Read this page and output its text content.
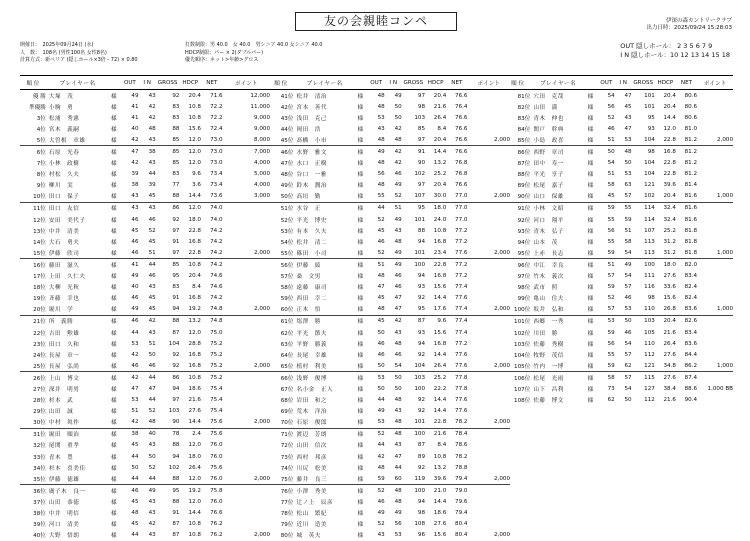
友の会親睦コンペ	伊深の森カントリークラブ
出力日時：2025/09/24 15:28:03
開催日：　2025年09月24日 (水)
人　数：　108名 (男性100名 女性8名)
計算方式：新ペリア (隠しホール×3倍 - 72) × 0.80
打数制限：男 40.0　女 40.0　男シニア 40.0 女シニア 40.0
HDCP制限：パー × 2(ダブルパー)
優先順序：ネット>年齢>グロス
OUT 隠しホール： 2 3 5 6 7 9
I N 隠しホール：10 12 13 14 15 18
順 位	プレイヤー名		OUT	I N	GROSS	HDCP	NET	ポイント
優 勝	大塚　茂	様	49	43	92	20.4	71.6	12,000
準優勝	小駒　勇	様	41	42	83	10.8	72.2	11,000
3位	松浦　秀憲	様	41	42	83	10.8	72.2	9,000
4位	宮木　義嗣	様	40	48	88	15.6	72.4	9,000
5位	大曽根　章雄	様	42	43	85	12.0	73.0	8,000
6位	石原　光春	様	47	38	85	12.0	73.0	7,000
7位	小林　政樹	様	42	43	85	12.0	73.0	4,000
8位	村松　久夫	様	39	44	83	9.6	73.4	5,000
9位	柳川　実	様	38	39	77	3.6	73.4	4,000
10位	田口　保子	様	43	45	88	14.4	73.6	3,000
11位	田口　友信	様	43	43	86	12.0	74.0	
12位	安田　美代子	様	46	46	92	18.0	74.0	
13位	中井　清美	様	45	52	97	22.8	74.2	
14位	大石　勇夫	様	46	45	91	16.8	74.2	
15位	伊藤　欣司	様	46	51	97	22.8	74.2	2,000
16位	藤田　滋久	様	41	44	85	10.8	74.2	
17位	上田　久仁夫	様	49	46	95	20.4	74.6	
18位	大柳　光秋	様	40	43	83	8.4	74.6	
19位	斉藤　幸也	様	46	45	91	16.8	74.2	
20位	堀川　学	様	49	45	94	19.2	74.8	2,000
21位	所　義勝	様	46	42	88	13.2	74.8	
22位	吉田　勲雄	様	44	43	87	12.0	75.0	
23位	田口　久和	様	53	51	104	28.8	75.2	
24位	長屋　章一	様	42	50	92	16.8	75.2	
25位	長屋　弘尚	様	46	46	92	16.8	75.2	2,000
26位	上山　博文	様	42	44	86	10.8	75.2	
27位	深井　明男	様	47	47	94	18.6	75.4	
28位	杉本　武	様	53	44	97	21.6	75.4	
29位	山田　誠	様	51	52	103	27.6	75.4	
30位	中村　眞作	様	42	48	90	14.4	75.6	2,000
31位	堀田　順治	様	38	40	78	2.4	75.6	
32位	尾関　重孝	様	45	43	88	12.0	76.0	
33位	青木　豊	様	44	50	94	18.0	76.0	
34位	杉本　喜美佳	様	50	52	102	26.4	75.6	
35位	伊藤　徳雄	様	44	44	88	12.0	76.0	2,000
36位	廣子木　良一	様	46	49	95	19.2	75.8	
37位	山田　恭徳	様	45	43	88	12.0	76.0	
38位	中井　明信	様	48	43	91	14.4	76.6	
39位	河口　清美	様	45	42	87	10.8	76.2	
40位	大野　悟朗	様	44	43	87	10.8	76.2	2,000
順 位	プレイヤー名		OUT	I N	GROSS	HDCP	NET	ポイント
41位	松井　清治	様	48	49	97	20.4	76.6	
42位	宮本　善代	様	48	50	98	21.6	76.4	
43位	浅田　克己	様	53	50	103	26.4	76.6	
44位	岡田　浩	様	43	42	85	8.4	76.6	
45位	髙橋　小市	様	48	48	97	20.4	76.6	2,000
46位	水野　雅文	様	49	42	91	14.4	76.6	
47位	水口　正樹	様	48	42	90	13.2	76.8	
48位	谷口　一雅	様	56	46	102	25.2	76.8	
49位	鈴木　潤治	様	48	49	97	20.4	76.6	
50位	高垣　勤	様	55	52	107	30.0	77.0	2,000
51位	水谷　正	様	44	51	95	18.0	77.0	
52位	平光　博史	様	52	49	101	24.0	77.0	
53位	有本　久夫	様	45	43	88	10.8	77.2	
54位	松井　清二	様	46	48	94	16.8	77.2	
55位	篠田　小司	様	52	49	101	23.4	77.6	2,000
56位	伊藤　綾	様	51	49	100	22.8	77.2	
57位	桑　文男	様	48	46	94	16.8	77.2	
58位	遠藤　康司	様	47	46	93	15.6	77.4	
59位	西田　幸二	様	45	47	92	14.4	77.6	
60位	正木　悟	様	48	47	95	17.6	77.4	2,000
61位	塩澤　勝	様	45	42	87	9.6	77.4	
62位	平光　節夫	様	50	43	93	15.6	77.4	
63位	平野　勝義	様	46	48	94	16.8	77.2	
64位	長尾　幸雄	様	46	46	92	14.4	77.6	
65位	植村　利美	様	50	54	104	26.4	77.6	2,000
66位	浅野　俊博	様	53	50	103	25.2	77.8	
67位	名小金　正人	様	50	50	100	22.2	77.8	
68位	岩田　和之	様	44	48	92	14.4	77.6	
69位	荒木　洋治	様	49	43	92	14.4	77.6	
70位	石原　俊郎	様	53	48	101	22.8	78.2	2,000
71位	渡辺　芳朗	様	52	48	100	21.6	78.4	
72位	山田　信次	様	44	43	87	8.4	78.6	
73位	西村　邦彦	様	42	47	89	10.8	78.2	
74位	川尻　松美	様	48	44	92	13.2	78.8	
75位	藤井　良三	様	59	60	119	39.6	79.4	2,000
76位	小澤　秀美	様	52	48	100	21.0	79.0	
77位	辻ノ上　辰彦	様	46	48	94	14.4	79.6	
78位	松山　繁紀	様	49	49	98	18.6	79.4	
79位	近川　造美	様	52	56	108	27.6	80.4	
80位	城　英夫	様	43	53	96	15.6	80.4	2,000
順 位	プレイヤー名		OUT	I N	GROSS	HDCP	NET	ポイント
81位	穴田　克哉	様	54	47	101	20.4	80.6	
82位	山田　満	様	56	45	101	20.4	80.6	
83位	青木　伸也	様	52	43	95	14.4	80.6	
84位	関戸　幹典	様	46	47	93	12.0	81.0	
85位	小島　政喜	様	51	53	104	22.8	81.2	2,000
86位	西野　章司	様	50	48	98	16.8	81.2	
87位	田中　寿一	様	54	50	104	22.8	81.2	
88位	平光　享子	様	51	53	104	22.8	81.2	
89位	松尾　嘉子	様	58	63	121	39.6	81.4	
90位	山口　保雄	様	45	57	102	20.4	81.6	1,000
91位	小林　文昭	様	59	55	114	32.4	81.6	
92位	河口　翔平	様	55	59	114	32.4	81.6	
93位	青木　弘子	様	56	51	107	25.2	81.8	
94位	山本　茂	様	55	58	113	31.2	81.8	
95位	上赤　長志	様	59	54	113	31.2	81.8	1,000
96位	中江　幸良	様	51	49	100	18.0	82.0	
97位	竹木　義次	様	57	54	111	27.6	83.4	
98位	武市　照	様	59	57	116	33.6	82.4	
99位	亀山　住夫	様	52	46	98	15.6	82.4	
100位	坂井　弘和	様	57	53	110	26.8	83.6	1,000
101位	西郷　一秀	様	53	50	103	20.4	82.6	
102位	川田　勝	様	59	46	105	21.6	83.4	
103位	佐藤　秀樹	様	56	54	110	26.4	83.6	
104位	牧野　茂信	様	55	57	112	27.6	84.4	
105位	竹内　一博	様	59	62	121	34.8	86.2	1,000
106位	松尾　光雨	様	58	57	115	27.6	87.4	
107位	山下　昌利	様	73	54	127	38.4	88.6	1,000 BB
108位	佐藤　博文	様	62	50	112	21.6	90.4	
